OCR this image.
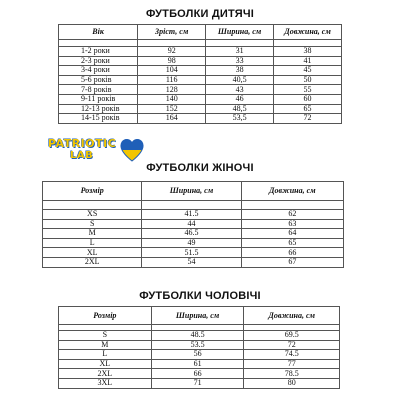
ФУТБОЛКИ ДИТЯЧІ
Вік	Зріст, см	Ширина, см	Довжина, см

1-2 роки	92	31	38
2-3 роки	98	33	41
3-4 роки	104	38	45
5-6 років	116	40,5	50
7-8 років	128	43	55
9-11 років	140	46	60
12-13 років	152	48,5	65
14-15 років	164	53,5	72
PATRIOTIC
LAB
ФУТБОЛКИ ЖІНОЧІ
Розмір	Ширина, см	Довжина, см

XS	41.5	62
S	44	63
M	46.5	64
L	49	65
XL	51.5	66
2XL	54	67
ФУТБОЛКИ ЧОЛОВІЧІ
Розмір	Ширина, см	Довжина, см

S	48.5	69.5
M	53.5	72
L	56	74.5
XL	61	77
2XL	66	78.5
3XL	71	80
